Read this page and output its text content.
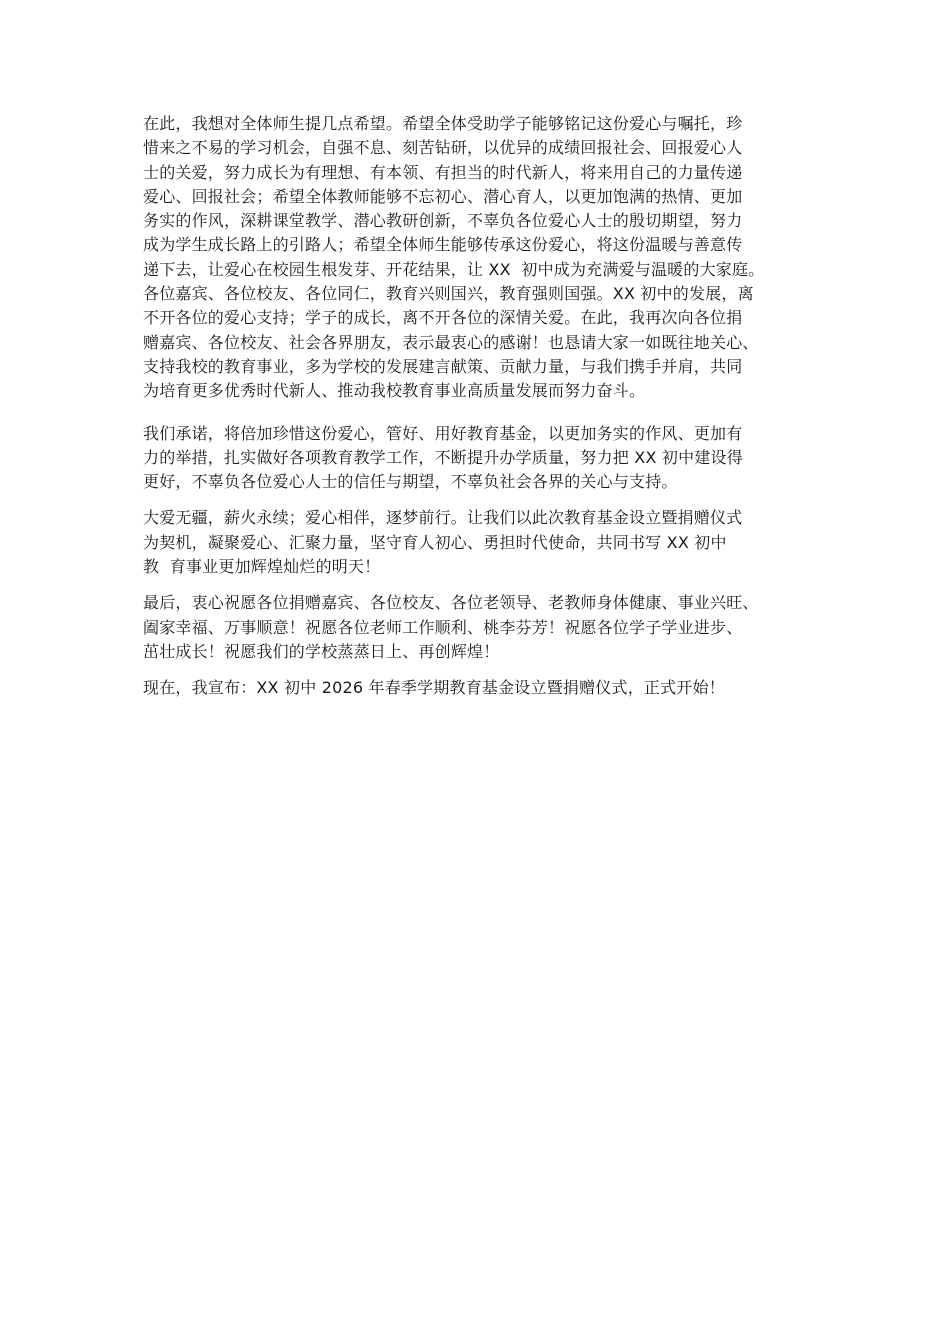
在此，我想对全体师生提几点希望。希望全体受助学子能够铭记这份爱心与嘱托，珍
惜来之不易的学习机会，自强不息、刻苦钻研，以优异的成绩回报社会、回报爱心人
士的关爱，努力成长为有理想、有本领、有担当的时代新人，将来用自己的力量传递
爱心、回报社会；希望全体教师能够不忘初心、潜心育人，以更加饱满的热情、更加
务实的作风，深耕课堂教学、潜心教研创新，不辜负各位爱心人士的殷切期望，努力
成为学生成长路上的引路人；希望全体师生能够传承这份爱心，将这份温暖与善意传
递下去，让爱心在校园生根发芽、开花结果，让 XX  初中成为充满爱与温暖的大家庭。

各位嘉宾、各位校友、各位同仁，教育兴则国兴，教育强则国强。XX 初中的发展，离
不开各位的爱心支持；学子的成长，离不开各位的深情关爱。在此，我再次向各位捐
赠嘉宾、各位校友、社会各界朋友，表示最衷心的感谢！也恳请大家一如既往地关心、
支持我校的教育事业，多为学校的发展建言献策、贡献力量，与我们携手并肩，共同
为培育更多优秀时代新人、推动我校教育事业高质量发展而努力奋斗。

我们承诺，将倍加珍惜这份爱心，管好、用好教育基金，以更加务实的作风、更加有
力的举措，扎实做好各项教育教学工作，不断提升办学质量，努力把 XX 初中建设得
更好，不辜负各位爱心人士的信任与期望，不辜负社会各界的关心与支持。

大爱无疆，薪火永续；爱心相伴，逐梦前行。让我们以此次教育基金设立暨捐赠仪式
为契机，凝聚爱心、汇聚力量，坚守育人初心、勇担时代使命，共同书写 XX 初中
教  育事业更加辉煌灿烂的明天！

最后，衷心祝愿各位捐赠嘉宾、各位校友、各位老领导、老教师身体健康、事业兴旺、
阖家幸福、万事顺意！祝愿各位老师工作顺利、桃李芬芳！祝愿各位学子学业进步、
茁壮成长！祝愿我们的学校蒸蒸日上、再创辉煌！

现在，我宣布：XX 初中 2026 年春季学期教育基金设立暨捐赠仪式，正式开始！
